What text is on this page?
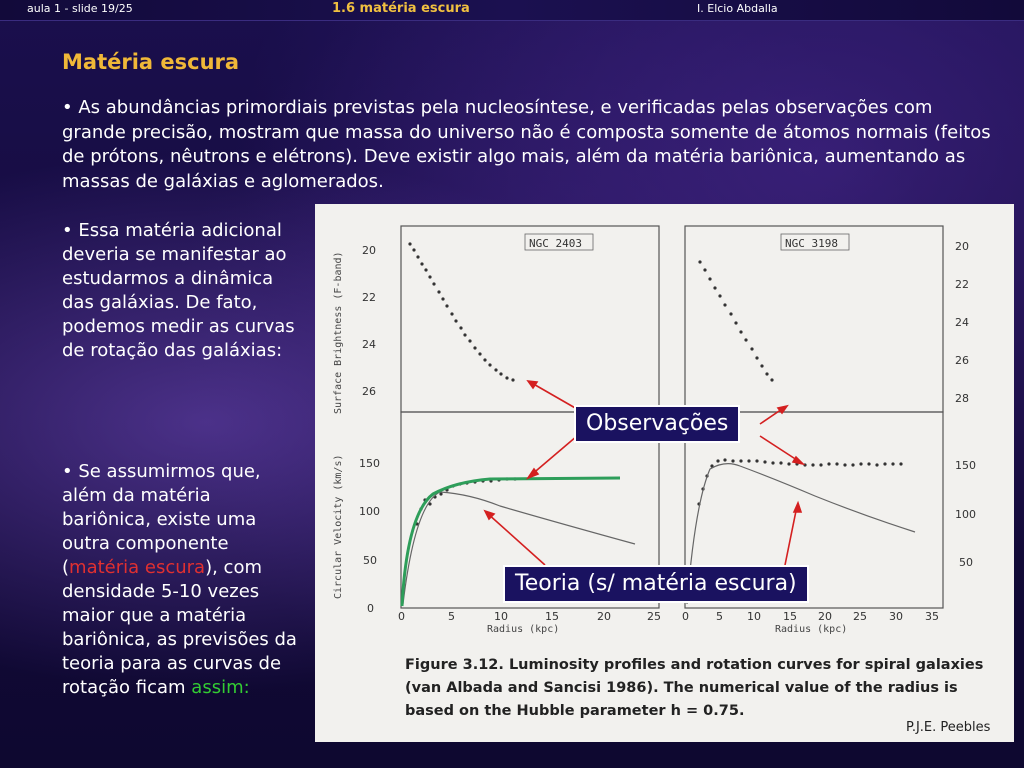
aula 1 - slide 19/25	1.6 matéria escura	I. Elcio Abdalla
Matéria escura
• As abundâncias primordiais previstas pela nucleosíntese, e verificadas pelas observações com grande precisão, mostram que massa do universo não é composta somente de átomos normais (feitos de prótons, nêutrons e elétrons). Deve existir algo mais, além da matéria bariônica, aumentando as massas de galáxias e aglomerados.
• Essa matéria adicional deveria se manifestar ao estudarmos a dinâmica das galáxias. De fato, podemos medir as curvas de rotação das galáxias:
• Se assumirmos que, além da matéria bariônica, existe uma outra componente (matéria escura), com densidade 5-10 vezes maior que a matéria bariônica, as previsões da teoria para as curvas de rotação ficam assim:
NGC 2403	NGC 3198
Surface Brightness (F-band)
Circular Velocity (km/s)
20
22
24
26
20
22
24
26
28
150
100
50
0
150
100
50
0	5	10	15	20	25 0 5 10 15 20 25 30 35
Radius (kpc)	Radius (kpc)
Figure 3.12. Luminosity profiles and rotation curves for spiral galaxies (van Albada and Sancisi 1986). The numerical value of the radius is based on the Hubble parameter h = 0.75.
P.J.E. Peebles
Observações
Teoria (s/ matéria escura)
